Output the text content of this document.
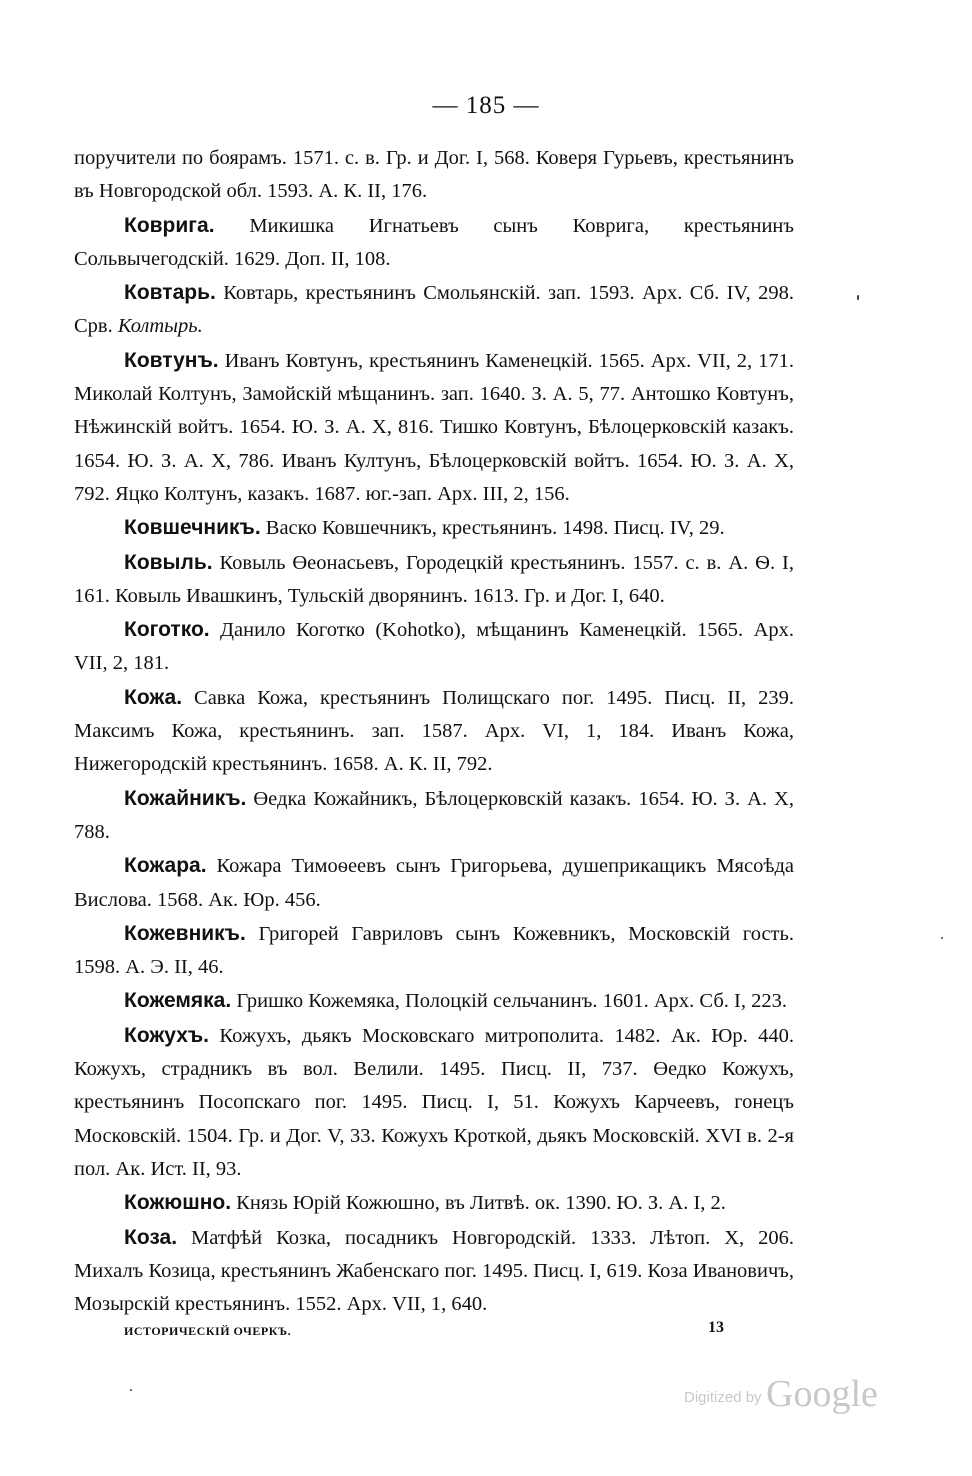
— 185 —

поручители по боярамъ. 1571. с. в. Гр. и Дог. I, 568. Коверя Гурьевъ, крестьянинъ въ Новгородской обл. 1593. А. К. II, 176.

Коврига. Микишка Игнатьевъ сынъ Коврига, крестьянинъ Сольвычегодскій. 1629. Доп. II, 108.

Ковтарь. Ковтарь, крестьянинъ Смольянскій. зап. 1593. Арх. Сб. IV, 298. Срв. Колтырь.

Ковтунъ. Иванъ Ковтунъ, крестьянинъ Каменецкій. 1565. Арх. VII, 2, 171. Миколай Колтунъ, Замойскій мѣщанинъ. зап. 1640. З. А. 5, 77. Антошко Ковтунъ, Нѣжинскій войтъ. 1654. Ю. З. А. X, 816. Тишко Ковтунъ, Бѣлоцерковскій казакъ. 1654. Ю. З. А. X, 786. Иванъ Култунъ, Бѣлоцерковскій войтъ. 1654. Ю. З. А. X, 792. Яцко Колтунъ, казакъ. 1687. юг.-зап. Арх. III, 2, 156.

Ковшечникъ. Васко Ковшечникъ, крестьянинъ. 1498. Писц. IV, 29.

Ковыль. Ковыль Өеонасьевъ, Городецкій крестьянинъ. 1557. с. в. А. Ѳ. I, 161. Ковыль Ивашкинъ, Тульскій дворянинъ. 1613. Гр. и Дог. I, 640.

Коготко. Данило Коготко (Kohotko), мѣщанинъ Каменецкій. 1565. Арх. VII, 2, 181.

Кожа. Савка Кожа, крестьянинъ Полищскаго пог. 1495. Писц. II, 239. Максимъ Кожа, крестьянинъ. зап. 1587. Арх. VI, 1, 184. Иванъ Кожа, Нижегородскій крестьянинъ. 1658. А. К. II, 792.

Кожайникъ. Өедка Кожайникъ, Бѣлоцерковскій казакъ. 1654. Ю. З. А. X, 788.

Кожара. Кожара Тимоѳеевъ сынъ Григорьева, душеприкащикъ Мясоѣда Вислова. 1568. Ак. Юр. 456.

Кожевникъ. Григорей Гавриловъ сынъ Кожевникъ, Московскій гость. 1598. А. Э. II, 46.

Кожемяка. Гришко Кожемяка, Полоцкій сельчанинъ. 1601. Арх. Сб. I, 223.

Кожухъ. Кожухъ, дьякъ Московскаго митрополита. 1482. Ак. Юр. 440. Кожухъ, страдникъ въ вол. Велили. 1495. Писц. II, 737. Өедко Кожухъ, крестьянинъ Посопскаго пог. 1495. Писц. I, 51. Кожухъ Карчеевъ, гонецъ Московскій. 1504. Гр. и Дог. V, 33. Кожухъ Кроткой, дьякъ Московскій. XVI в. 2-я пол. Ак. Ист. II, 93.

Кожюшно. Князь Юрій Кожюшно, въ Литвѣ. ок. 1390. Ю. З. А. I, 2.

Коза. Матфѣй Козка, посадникъ Новгородскій. 1333. Лѣтоп. X, 206. Михалъ Козица, крестьянинъ Жабенскаго пог. 1495. Писц. I, 619. Коза Ивановичъ, Мозырскій крестьянинъ. 1552. Арх. VII, 1, 640.

ИСТОРИЧЕСКІЙ ОЧЕРКЪ.	13
Digitized by Google
